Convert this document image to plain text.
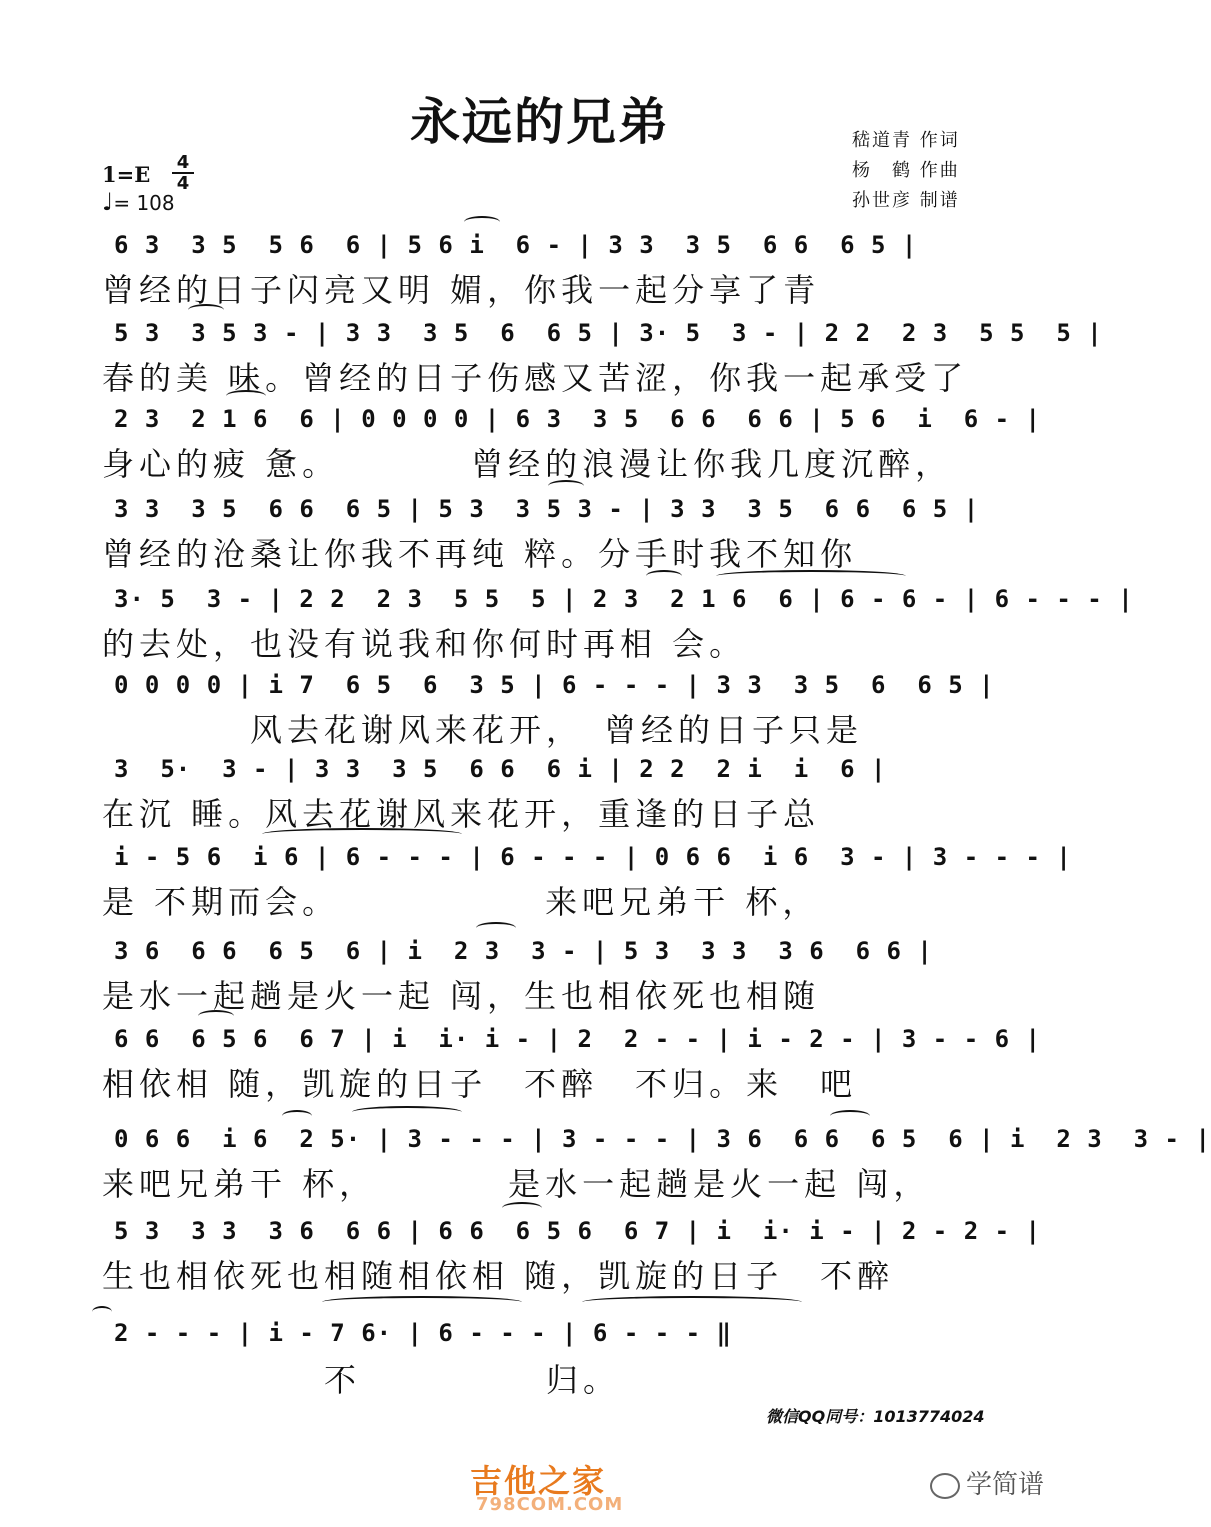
永远的兄弟	嵇道青 作词
杨　鹤 作曲
孙世彦 制谱
1=E 4
4
♩= 108
6 3  3 5  5 6  6 | 5 6 i  6 - | 3 3  3 5  6 6  6 5 |
曾经的日子闪亮又明 媚，你我一起分享了青
5 3  3 5 3 - | 3 3  3 5  6  6 5 | 3· 5  3 - | 2 2  2 3  5 5  5 |
春的美 味。曾经的日子伤感又苦涩，你我一起承受了
2 3  2 1 6  6 | 0 0 0 0 | 6 3  3 5  6 6  6 6 | 5 6  i  6 - |
身心的疲 惫。　　　　曾经的浪漫让你我几度沉醉，
3 3  3 5  6 6  6 5 | 5 3  3 5 3 - | 3 3  3 5  6 6  6 5 |
曾经的沧桑让你我不再纯 粹。分手时我不知你
3· 5  3 - | 2 2  2 3  5 5  5 | 2 3  2 1 6  6 | 6 - 6 - | 6 - - - |
的去处，也没有说我和你何时再相 会。
0 0 0 0 | i 7  6 5  6  3 5 | 6 - - - | 3 3  3 5  6  6 5 |
　　　　风去花谢风来花开，　曾经的日子只是
3  5·  3 - | 3 3  3 5  6 6  6 i | 2 2  2 i  i  6 |
在沉 睡。风去花谢风来花开，重逢的日子总
i - 5 6  i 6 | 6 - - - | 6 - - - | 0 6 6  i 6  3 - | 3 - - - |
是 不期而会。　　　　　　来吧兄弟干 杯，
3 6  6 6  6 5  6 | i  2 3  3 - | 5 3  3 3  3 6  6 6 |
是水一起趟是火一起 闯，生也相依死也相随
6 6  6 5 6  6 7 | i  i· i - | 2  2 - - | i - 2 - | 3 - - 6 |
相依相 随，凯旋的日子　不醉　不归。来　吧
0 6 6  i 6  2 5· | 3 - - - | 3 - - - | 3 6  6 6  6 5  6 | i  2 3  3 - |
来吧兄弟干 杯，　　　　是水一起趟是火一起 闯，
5 3  3 3  3 6  6 6 | 6 6  6 5 6  6 7 | i  i· i - | 2 - 2 - |
生也相依死也相随相依相 随，凯旋的日子　不醉
2 - - - | i - 7 6· | 6 - - - | 6 - - - ‖
　　　　　　不　　　　　归。
微信QQ同号：1013774024
吉他之家
798COM.COM
学简谱
